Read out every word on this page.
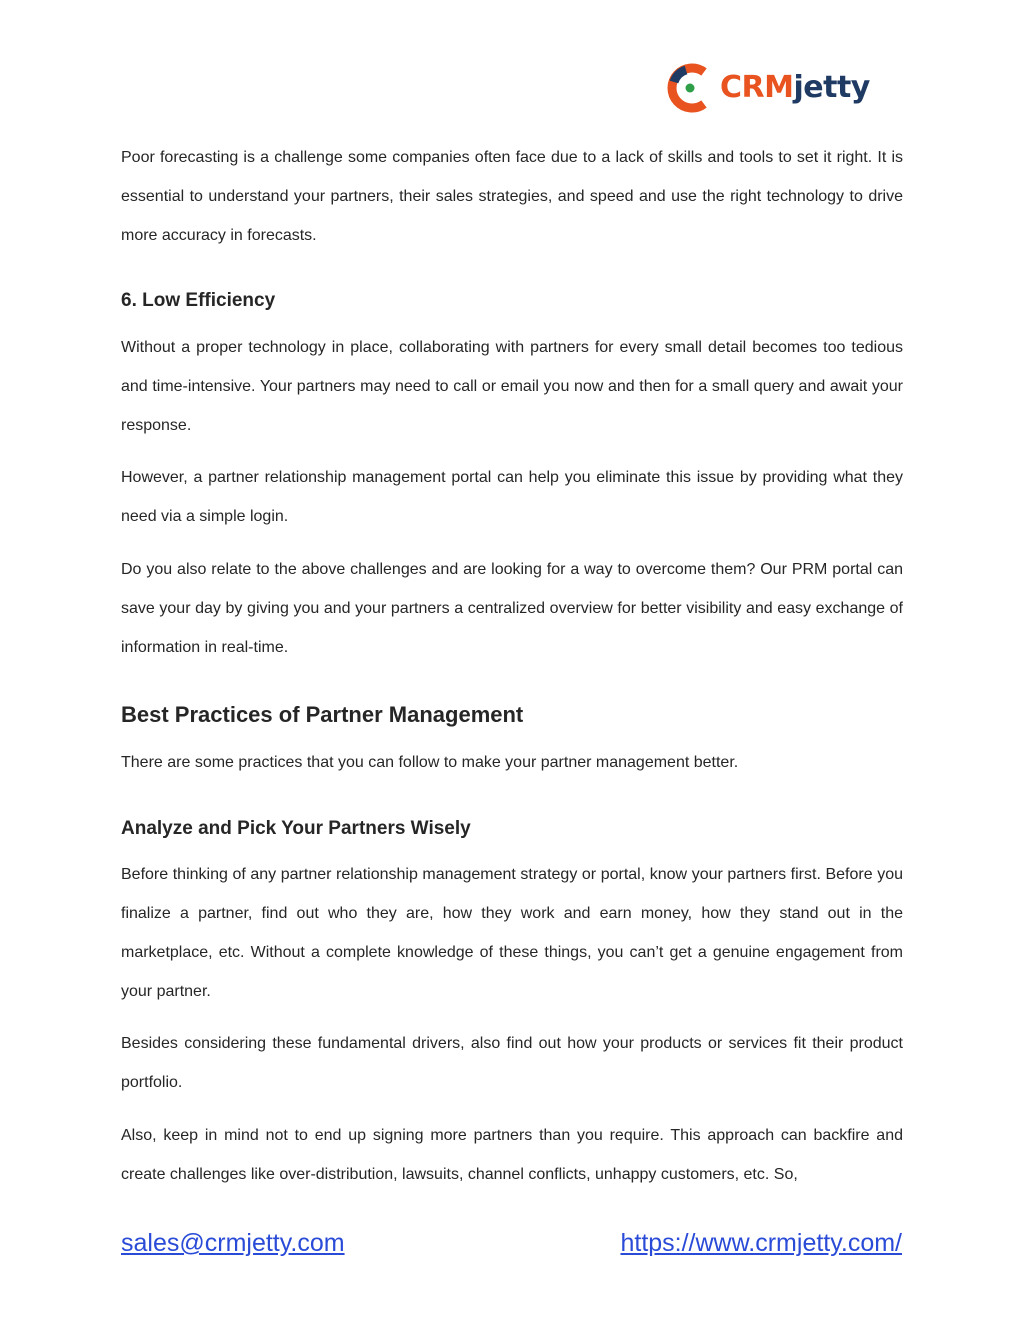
CRMjetty

Poor forecasting is a challenge some companies often face due to a lack of skills and tools to set it right. It is essential to understand your partners, their sales strategies, and speed and use the right technology to drive more accuracy in forecasts.

6. Low Efficiency

Without a proper technology in place, collaborating with partners for every small detail becomes too tedious and time-intensive. Your partners may need to call or email you now and then for a small query and await your response.

However, a partner relationship management portal can help you eliminate this issue by providing what they need via a simple login.

Do you also relate to the above challenges and are looking for a way to overcome them? Our PRM portal can save your day by giving you and your partners a centralized overview for better visibility and easy exchange of information in real-time.

Best Practices of Partner Management

There are some practices that you can follow to make your partner management better.

Analyze and Pick Your Partners Wisely

Before thinking of any partner relationship management strategy or portal, know your partners first. Before you finalize a partner, find out who they are, how they work and earn money, how they stand out in the marketplace, etc. Without a complete knowledge of these things, you can’t get a genuine engagement from your partner.

Besides considering these fundamental drivers, also find out how your products or services fit their product portfolio.

Also, keep in mind not to end up signing more partners than you require. This approach can backfire and create challenges like over-distribution, lawsuits, channel conflicts, unhappy customers, etc. So,

sales@crmjetty.com	https://www.crmjetty.com/
